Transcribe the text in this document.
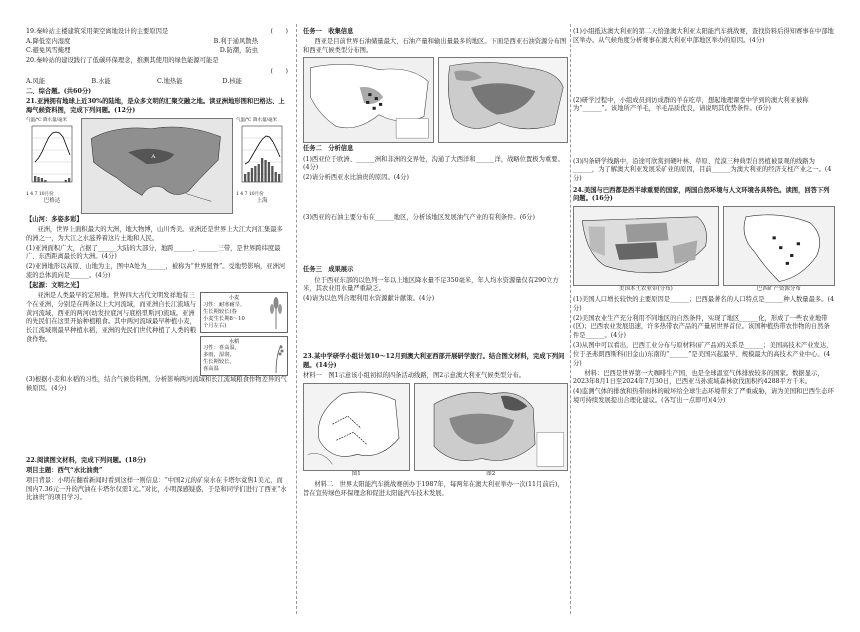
19.秦岭站主楼建筑采用架空离地设计的主要原因是	(　　)

A.降低室内湿度	B.利于通风散热
C.避免风雪掩埋	D.防潮，防虫

20.秦岭站的建设践行了低碳环保理念，推测其使用的绿色能源可能是

(　　)

A.风能	B.水能	C.地热能	D.核能

二、综合题。(共60分)

21.亚洲拥有地球上近30%的陆地，是众多文明的汇聚交融之地。读亚洲地形图和巴格达、上海气候资料图，完成下列问题。(12分)

气温/℃ 降水量/毫米
1 4 7 10月份
巴格达
A
气温/℃ 降水量/毫米
1 4 7 10月份
上海

【山河：多姿多彩】

亚洲，世界上面积最大的大洲，地大物博，山川秀美。亚洲还是世界上大江大河汇集最多的洲之一，为大江之水滋养着这片土地和人民。

(1)亚洲面积广大，占据了______大陆的大部分，地跨______、______三带，是世界跨纬度最广、东西距离最长的大洲。(4分)

(2)亚洲地形以高原、山地为主，图中A处为______，被称为“世界屋脊”。受地势影响，亚洲河流的总体流向是______。(4分)

【起源：文明之光】

亚洲是人类最早的定居地。世界四大古代文明发祥地有三个在亚洲，分别是在两条以上大河流域，而亚洲自长江流域与黄河流域，西亚的两河(幼发拉底河与底格里斯河)流域。亚洲的先民们在这里开始种植粮食。其中两河流域最早种植小麦，长江流域则最早种植水稻，亚洲的先民们世代种植了人类的粮食作物。

小麦
习性：耐寒耐旱，
生长期较长(春
小麦生长期8～10
个月左右)
水稻
习性：喜高温，
多雨，湿润，
生长期较长，
喜高温

(3)根据小麦和水稻的习性，结合气候资料图，分析影响两河流域和长江流域粮食作物差异的气候原因。(4分)

22.阅读图文材料，完成下列问题。(18分)

项目主题：西气“水比油贵”

项目背景：小明在翻看新闻时看到这样一则信息：“中国2元的矿泉水在卡塔尔竟售1美元，而国内7.36元一升的汽油在卡塔尔仅需1元。”对比，小明深感疑惑，于是和同学们进行了西亚“水比油贵”的项目学习。

任务一　收集信息

西亚是目前世界石油储量最大，石油产量和输出量最多的地区。下面是西亚石油资源分布图和西亚气候类型分布图。

任务二　分析信息

(1)西亚位于欧洲、______洲和非洲的交界处，沟通了大西洋和______洋，战略位置极为重要。(4分)

(2)请分析西亚水比油贵的原因。(4分)

(3)西亚的石油主要分布在______地区，分析该地区发展油气产业的有利条件。(6分)

任务三　成果展示

位于西亚东部的以色列一年以上地区降水量不足350毫米，年人均水资源量仅有290立方米，其农业用水量严重缺乏。

(4)请为以色列合理利用水资源献计献策。(4分)

23.某中学研学小组计划10～12月到澳大利亚西部开展研学旅行。结合图文材料，完成下列问题。(14分)

材料一　图1示意该小组初拟的四条活动线路，图2示意澳大利亚气候类型分布。

图1	图2

材料二　世界太阳能汽车挑战赛创办于1987年，每两年在澳大利亚举办一次(11月前后)，旨在宣传绿色环保理念和促进太阳能汽车技术发展。

(1)小组抵达澳大利亚的第二天恰逢澳大利亚太阳能汽车挑战赛，查找资料后得知赛事在中部地区举办。从气候角度分析赛事在澳大利亚中部地区举办的原因。(4分)

(2)研学过程中，小组成员到访成群的羊在吃草，想起地理课堂中学到的澳大利亚被称为“______”。该地所产羊毛，羊毛品质优良，请说明其优势条件。(6分)

(3)四条研学线路中，沿途可欣赏到硬叶林、草原、荒漠三种典型自然植被景观的线路为______，为了解澳大利亚发展采矿业的原因，目前______为澳大利亚的经济支柱产业之一。(4分)

24.美国与巴西都是西半球重要的国家，两国自然环境与人文环境各具特色。读图，回答下列问题。(16分)

美国本土农业带(分布)	巴西矿产资源分布

(1)美国人口增长较快的主要原因是______；巴西最著名的人口特点是______种人数量最多。(4分)

(2)美国农业生产充分利用不同地区的自然条件，实现了地区______化，形成了一些农业地带(区)；巴西农业发展迅速，许多热带农产品的产量居世界首位。该国种植热带农作物的自然条件是______。(4分)

(3)从图中可以看出，巴西工业分布与原材料(矿产品)的关系是______；美国高技术产业发达，位于圣弗朗西斯科(旧金山)东南的“______”是美国兴起最早、规模最大的高技术产业中心。(4分)

材料：巴西是世界第一大咖啡生产国，也是全球温室气体排放较多的国家。数据显示，2023年8月1日至2024年7月30日，巴西亚马孙流域森林砍伐面积约4288平方千米。

(4)监测气体的排放和热带雨林的破坏给全球生态环境带来了严重威胁，请为美国和巴西生态环境可持续发展提出合理化建议。(各写出一点即可)(4分)
